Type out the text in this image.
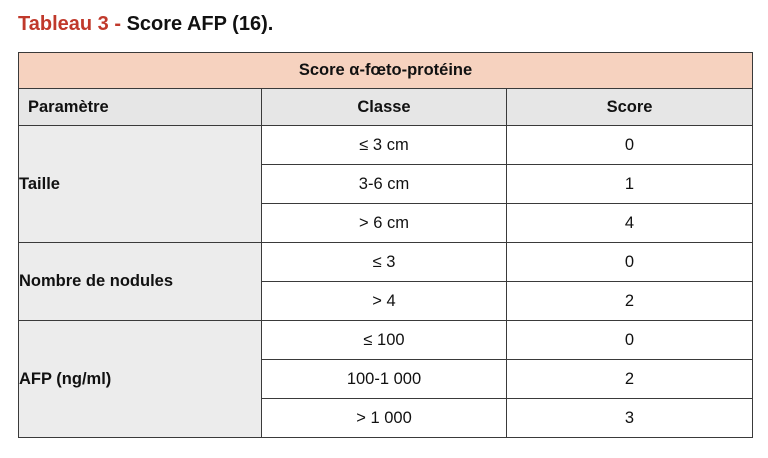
Tableau 3 - Score AFP (16).
Score α-fœto-protéine		
Paramètre	Classe	Score
Taille	≤ 3 cm	0
	3-6 cm	1
	> 6 cm	4
Nombre de nodules	≤ 3	0
	> 4	2
AFP (ng/ml)	≤ 100	0
	100-1 000	2
	> 1 000	3
